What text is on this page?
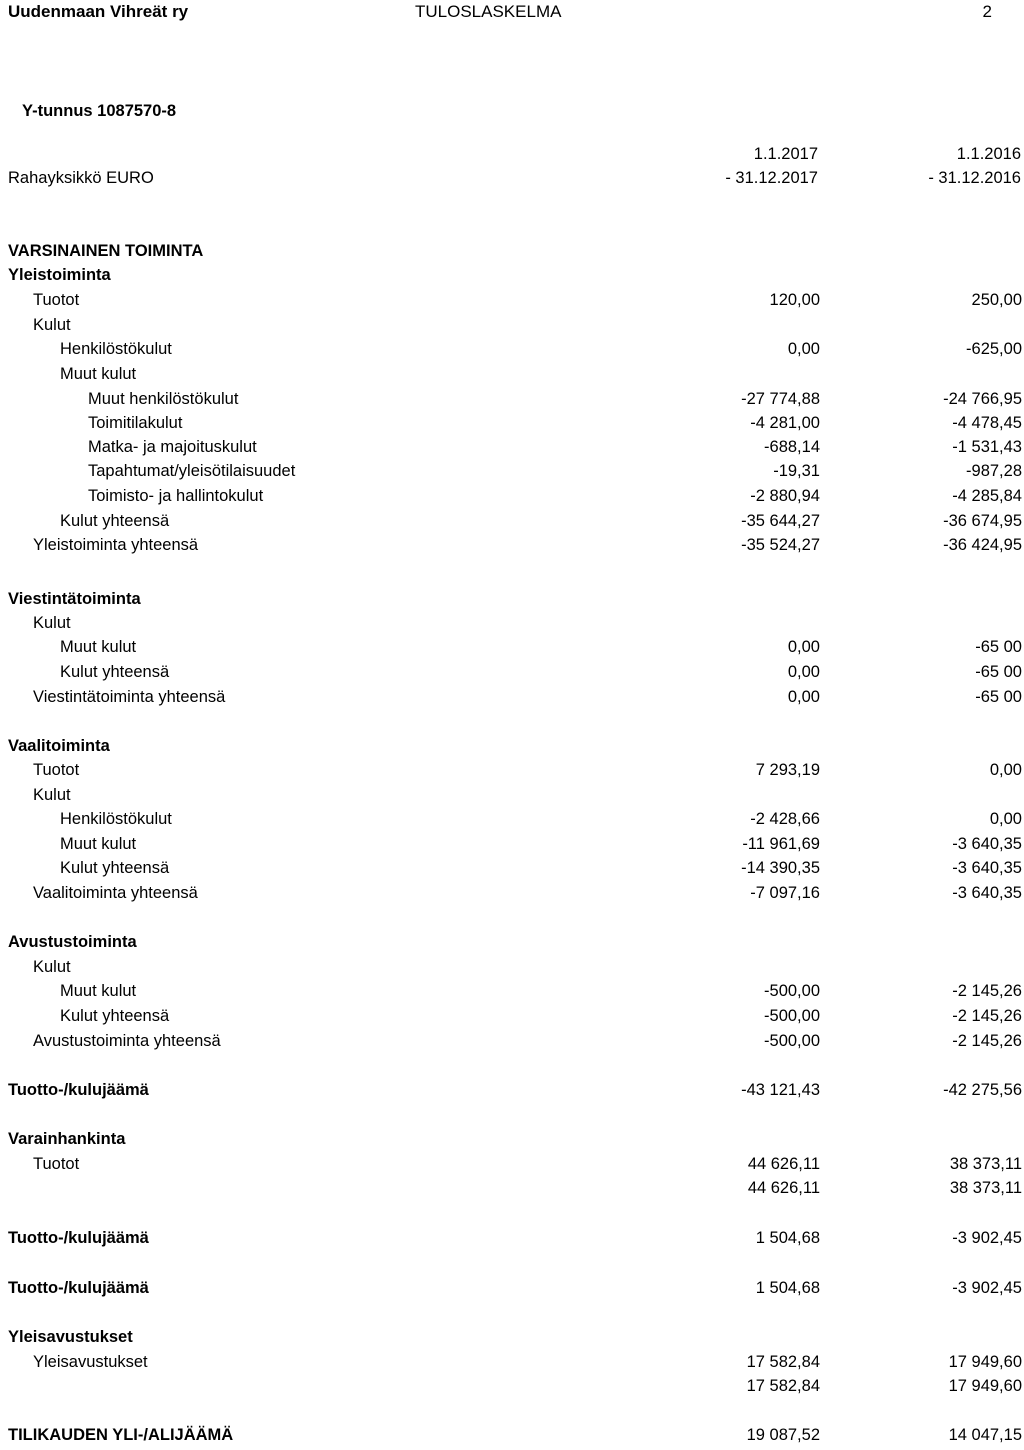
Uudenmaan Vihreät ry	TULOSLASKELMA	2
Y-tunnus 1087570-8
1.1.2017	1.1.2016
Rahayksikkö EURO	- 31.12.2017	- 31.12.2016
VARSINAINEN TOIMINTA
Yleistoiminta
Tuotot	120,00	250,00
Kulut
Henkilöstökulut	0,00	-625,00
Muut kulut
Muut henkilöstökulut	-27 774,88	-24 766,95
Toimitilakulut	-4 281,00	-4 478,45
Matka- ja majoituskulut	-688,14	-1 531,43
Tapahtumat/yleisötilaisuudet	-19,31	-987,28
Toimisto- ja hallintokulut	-2 880,94	-4 285,84
Kulut yhteensä	-35 644,27	-36 674,95
Yleistoiminta yhteensä	-35 524,27	-36 424,95
Viestintätoiminta
Kulut
Muut kulut	0,00	-65 00
Kulut yhteensä	0,00	-65 00
Viestintätoiminta yhteensä	0,00	-65 00
Vaalitoiminta
Tuotot	7 293,19	0,00
Kulut
Henkilöstökulut	-2 428,66	0,00
Muut kulut	-11 961,69	-3 640,35
Kulut yhteensä	-14 390,35	-3 640,35
Vaalitoiminta yhteensä	-7 097,16	-3 640,35
Avustustoiminta
Kulut
Muut kulut	-500,00	-2 145,26
Kulut yhteensä	-500,00	-2 145,26
Avustustoiminta yhteensä	-500,00	-2 145,26
Tuotto-/kulujäämä	-43 121,43	-42 275,56
Varainhankinta
Tuotot	44 626,11	38 373,11
44 626,11	38 373,11
Tuotto-/kulujäämä	1 504,68	-3 902,45
Tuotto-/kulujäämä	1 504,68	-3 902,45
Yleisavustukset
Yleisavustukset	17 582,84	17 949,60
17 582,84	17 949,60
TILIKAUDEN YLI-/ALIJÄÄMÄ	19 087,52	14 047,15
